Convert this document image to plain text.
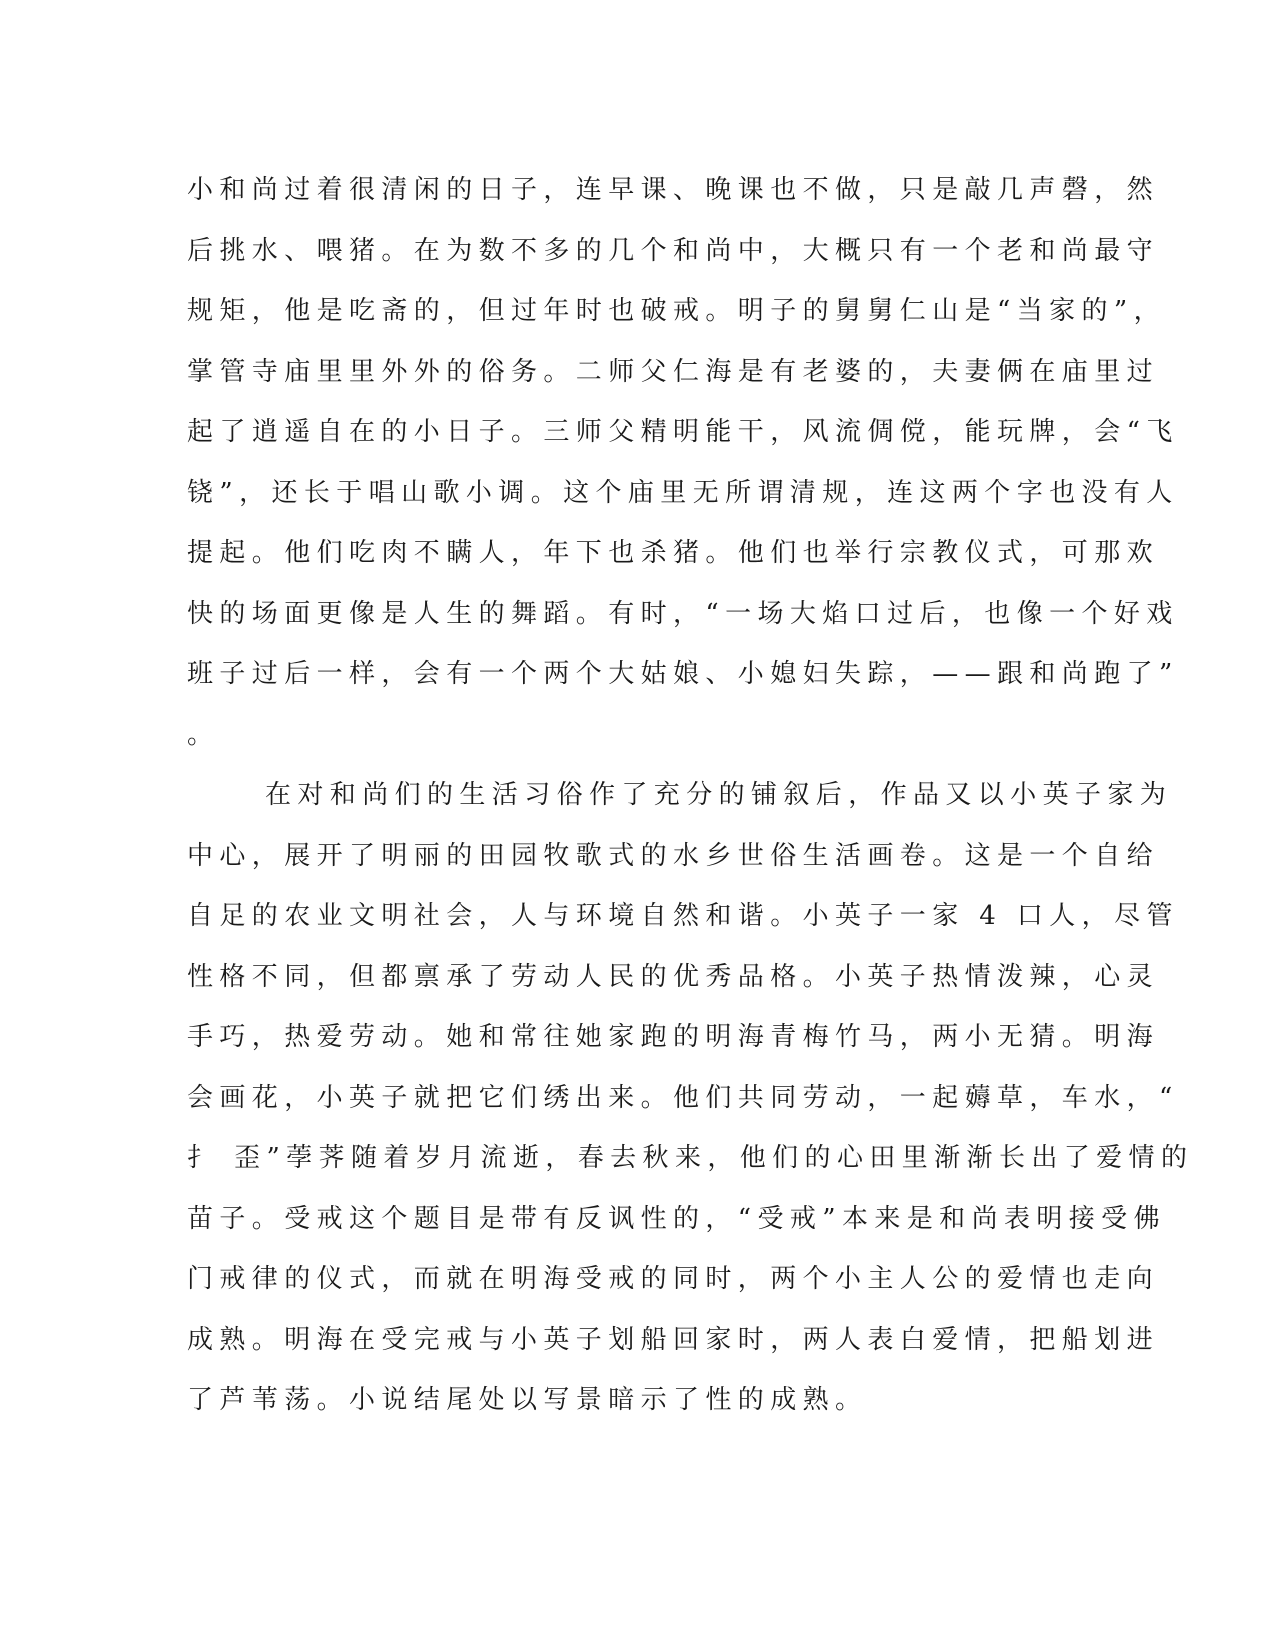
小和尚过着很清闲的日子，连早课、晚课也不做，只是敲几声磬，然
后挑水、喂猪。在为数不多的几个和尚中，大概只有一个老和尚最守
规矩，他是吃斋的，但过年时也破戒。明子的舅舅仁山是“当家的”，
掌管寺庙里里外外的俗务。二师父仁海是有老婆的，夫妻俩在庙里过
起了逍遥自在的小日子。三师父精明能干，风流倜傥，能玩牌，会“飞
铙”，还长于唱山歌小调。这个庙里无所谓清规，连这两个字也没有人
提起。他们吃肉不瞒人，年下也杀猪。他们也举行宗教仪式，可那欢
快的场面更像是人生的舞蹈。有时，“一场大焰口过后，也像一个好戏
班子过后一样，会有一个两个大姑娘、小媳妇失踪，——跟和尚跑了”
。
在对和尚们的生活习俗作了充分的铺叙后，作品又以小英子家为
中心，展开了明丽的田园牧歌式的水乡世俗生活画卷。这是一个自给
自足的农业文明社会，人与环境自然和谐。小英子一家 4 口人，尽管
性格不同，但都禀承了劳动人民的优秀品格。小英子热情泼辣，心灵
手巧，热爱劳动。她和常往她家跑的明海青梅竹马，两小无猜。明海
会画花，小英子就把它们绣出来。他们共同劳动，一起薅草，车水，“
扌 歪”荸荠随着岁月流逝，春去秋来，他们的心田里渐渐长出了爱情的
苗子。受戒这个题目是带有反讽性的，“受戒”本来是和尚表明接受佛
门戒律的仪式，而就在明海受戒的同时，两个小主人公的爱情也走向
成熟。明海在受完戒与小英子划船回家时，两人表白爱情，把船划进
了芦苇荡。小说结尾处以写景暗示了性的成熟。
